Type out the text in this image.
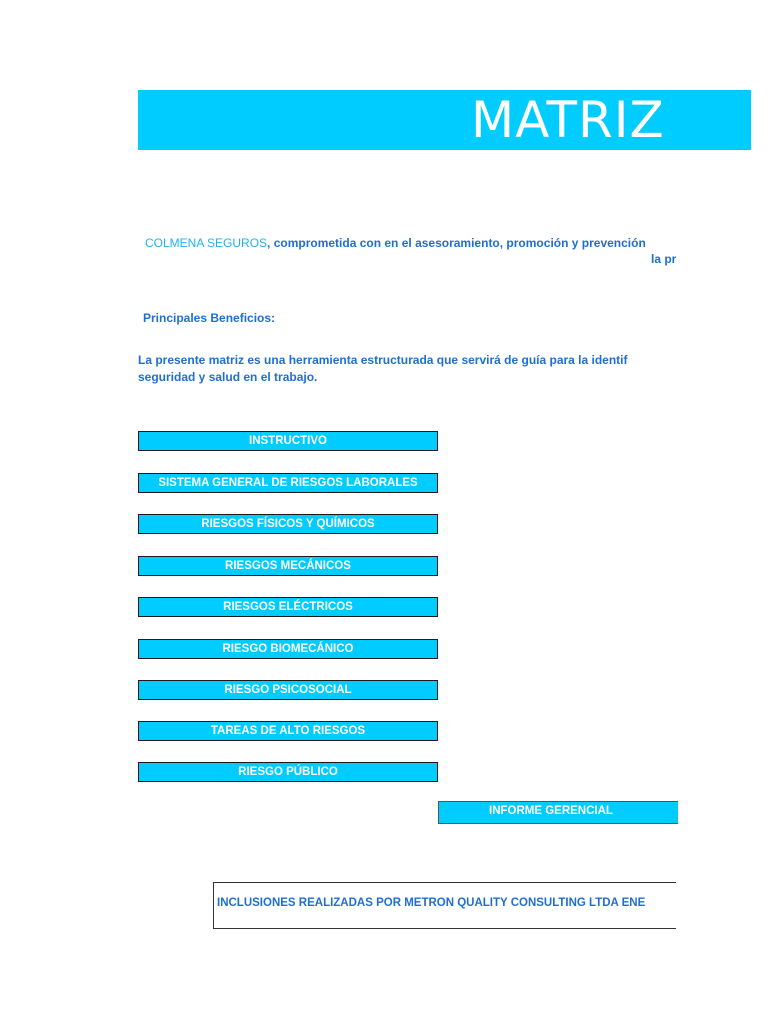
MATRIZ
COLMENA SEGUROS, comprometida con en el asesoramiento, promoción y prevención
la pr
Principales Beneficios:
La presente matriz es una herramienta estructurada que servirá de guía para la identif
seguridad y salud en el trabajo.
INSTRUCTIVO
SISTEMA GENERAL DE RIESGOS LABORALES
RIESGOS FÍSICOS Y QUÍMICOS
RIESGOS MECÁNICOS
RIESGOS ELÉCTRICOS
RIESGO BIOMECÁNICO
RIESGO PSICOSOCIAL
TAREAS DE ALTO RIESGOS
RIESGO PÚBLICO
INFORME GERENCIAL
INCLUSIONES REALIZADAS POR METRON QUALITY CONSULTING LTDA ENE
